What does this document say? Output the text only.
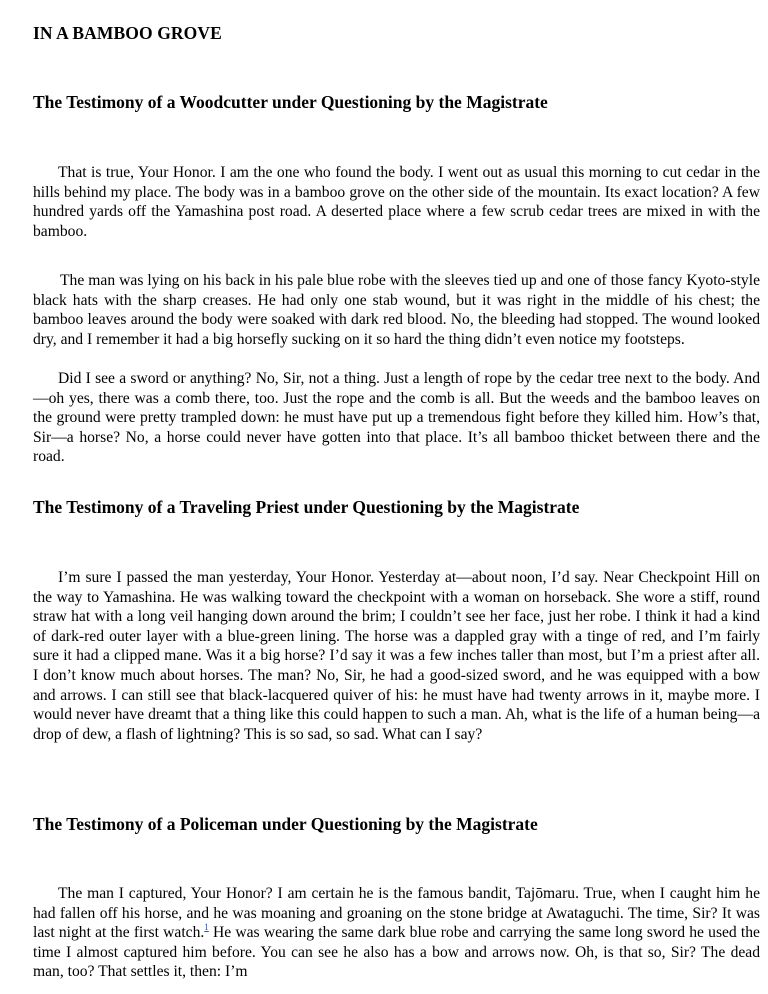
IN A BAMBOO GROVE
The Testimony of a Woodcutter under Questioning by the Magistrate

That is true, Your Honor. I am the one who found the body. I went out as usual this morning to cut cedar in the hills behind my place. The body was in a bamboo grove on the other side of the mountain. Its exact location? A few hundred yards off the Yamashina post road. A deserted place where a few scrub cedar trees are mixed in with the bamboo.

The man was lying on his back in his pale blue robe with the sleeves tied up and one of those fancy Kyoto-style black hats with the sharp creases. He had only one stab wound, but it was right in the middle of his chest; the bamboo leaves around the body were soaked with dark red blood. No, the bleeding had stopped. The wound looked dry, and I remember it had a big horsefly sucking on it so hard the thing didn’t even notice my footsteps.

Did I see a sword or anything? No, Sir, not a thing. Just a length of rope by the cedar tree next to the body. And—oh yes, there was a comb there, too. Just the rope and the comb is all. But the weeds and the bamboo leaves on the ground were pretty trampled down: he must have put up a tremendous fight before they killed him. How’s that, Sir—a horse? No, a horse could never have gotten into that place. It’s all bamboo thicket between there and the road.

The Testimony of a Traveling Priest under Questioning by the Magistrate

I’m sure I passed the man yesterday, Your Honor. Yesterday at—about noon, I’d say. Near Checkpoint Hill on the way to Yamashina. He was walking toward the checkpoint with a woman on horseback. She wore a stiff, round straw hat with a long veil hanging down around the brim; I couldn’t see her face, just her robe. I think it had a kind of dark-red outer layer with a blue-green lining. The horse was a dappled gray with a tinge of red, and I’m fairly sure it had a clipped mane. Was it a big horse? I’d say it was a few inches taller than most, but I’m a priest after all. I don’t know much about horses. The man? No, Sir, he had a good-sized sword, and he was equipped with a bow and arrows. I can still see that black-lacquered quiver of his: he must have had twenty arrows in it, maybe more. I would never have dreamt that a thing like this could happen to such a man. Ah, what is the life of a human being—a drop of dew, a flash of lightning? This is so sad, so sad. What can I say?

The Testimony of a Policeman under Questioning by the Magistrate

The man I captured, Your Honor? I am certain he is the famous bandit, Tajōmaru. True, when I caught him he had fallen off his horse, and he was moaning and groaning on the stone bridge at Awataguchi. The time, Sir? It was last night at the first watch.$^1$ He was wearing the same dark blue robe and carrying the same long sword he used the time I almost captured him before. You can see he also has a bow and arrows now. Oh, is that so, Sir? The dead man, too? That settles it, then: I’m
